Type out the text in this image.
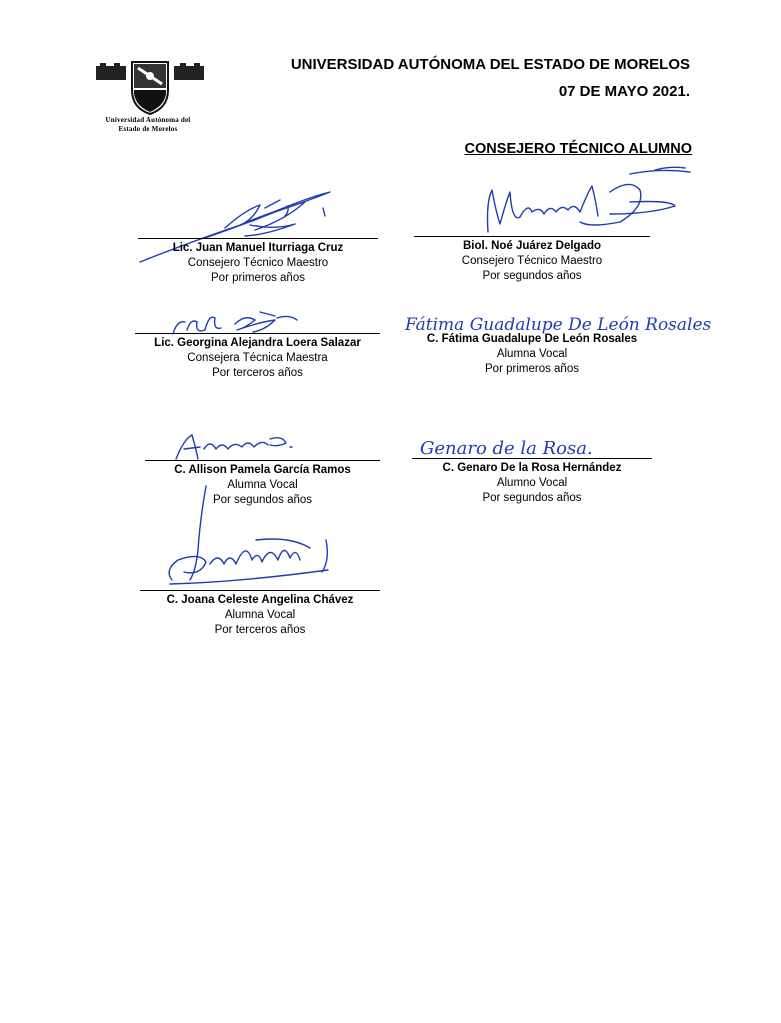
Universidad Autónoma del
Estado de Morelos
UNIVERSIDAD AUTÓNOMA DEL ESTADO DE MORELOS
07 DE MAYO 2021.
CONSEJERO TÉCNICO ALUMNO
Lic. Juan Manuel Iturriaga Cruz
Consejero Técnico Maestro
Por primeros años
Biol. Noé Juárez Delgado
Consejero Técnico Maestro
Por segundos años
Lic. Georgina Alejandra Loera Salazar
Consejera Técnica Maestra
Por terceros años
Fátima Guadalupe De León Rosales
C. Fátima Guadalupe De León Rosales
Alumna Vocal
Por primeros años
C. Allison Pamela García Ramos
Alumna Vocal
Por segundos años
Genaro de la Rosa.
C. Genaro De la Rosa Hernández
Alumno Vocal
Por segundos años
C. Joana Celeste Angelina Chávez
Alumna Vocal
Por terceros años
